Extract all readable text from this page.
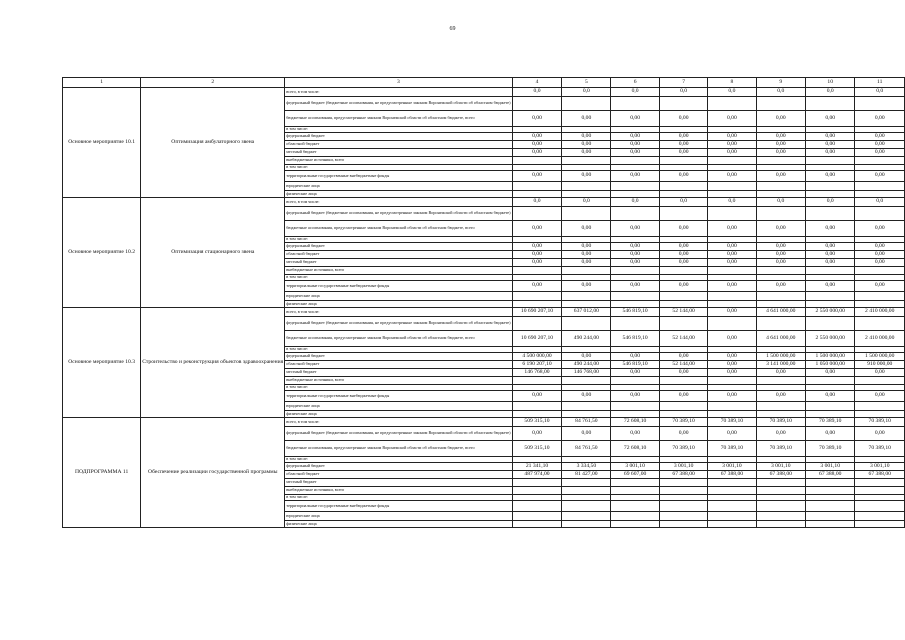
69
1	2	3	4	5	6	7	8	9	10	11
Основное мероприятие 10.1	Оптимизация амбулаторного звена	всего, в том числе:	0,0	0,0	0,0	0,0	0,0	0,0	0,0	0,0
		федеральный бюджет (бюджетные ассигнования, не предусмотренные законом Воронежской области об областном бюджете)								
		бюджетные ассигнования, предусмотренные законом Воронежской области об областном бюджете, всего	0,00	0,00	0,00	0,00	0,00	0,00	0,00	0,00
		в том числе:								
		федеральный бюджет	0,00	0,00	0,00	0,00	0,00	0,00	0,00	0,00
		областной бюджет	0,00	0,00	0,00	0,00	0,00	0,00	0,00	0,00
		местный бюджет	0,00	0,00	0,00	0,00	0,00	0,00	0,00	0,00
		внебюджетные источники, всего								
		в том числе:								
		территориальные государственные внебюджетные фонды	0,00	0,00	0,00	0,00	0,00	0,00	0,00	0,00
		юридические лица								
		физические лица								
Основное мероприятие 10.2	Оптимизация стационарного звена	всего, в том числе:	0,0	0,0	0,0	0,0	0,0	0,0	0,0	0,0
		федеральный бюджет (бюджетные ассигнования, не предусмотренные законом Воронежской области об областном бюджете)								
		бюджетные ассигнования, предусмотренные законом Воронежской области об областном бюджете, всего	0,00	0,00	0,00	0,00	0,00	0,00	0,00	0,00
		в том числе:								
		федеральный бюджет	0,00	0,00	0,00	0,00	0,00	0,00	0,00	0,00
		областной бюджет	0,00	0,00	0,00	0,00	0,00	0,00	0,00	0,00
		местный бюджет	0,00	0,00	0,00	0,00	0,00	0,00	0,00	0,00
		внебюджетные источники, всего								
		в том числе:								
		территориальные государственные внебюджетные фонды	0,00	0,00	0,00	0,00	0,00	0,00	0,00	0,00
		юридические лица								
		физические лица								
Основное мероприятие 10.3	Строительство и реконструкция объектов здравоохранения	всего, в том числе:	10 690 207,10	637 012,00	546 819,10	52 144,00	0,00	4 641 000,00	2 550 000,00	2 410 000,00
		федеральный бюджет (бюджетные ассигнования, не предусмотренные законом Воронежской области об областном бюджете)								
		бюджетные ассигнования, предусмотренные законом Воронежской области об областном бюджете, всего	10 690 207,10	490 244,00	546 819,10	52 144,00	0,00	4 641 000,00	2 550 000,00	2 410 000,00
		в том числе:								
		федеральный бюджет	4 500 000,00	0,00	0,00	0,00	0,00	1 500 000,00	1 500 000,00	1 500 000,00
		областной бюджет	6 190 207,10	490 244,00	546 819,10	52 144,00	0,00	3 141 000,00	1 050 000,00	910 000,00
		местный бюджет	146 768,00	146 768,00	0,00	0,00	0,00	0,00	0,00	0,00
		внебюджетные источники, всего								
		в том числе:								
		территориальные государственные внебюджетные фонды	0,00	0,00	0,00	0,00	0,00	0,00	0,00	0,00
		юридические лица								
		физические лица								
ПОДПРОГРАММА 11	Обеспечение реализации государственной программы	всего, в том числе:	509 315,10	84 761,50	72 608,10	70 389,10	70 389,10	70 389,10	70 389,10	70 389,10
		федеральный бюджет (бюджетные ассигнования, не предусмотренные законом Воронежской области об областном бюджете)	0,00	0,00	0,00	0,00	0,00	0,00	0,00	0,00
		бюджетные ассигнования, предусмотренные законом Воронежской области об областном бюджете, всего	509 315,10	84 761,50	72 608,10	70 389,10	70 389,10	70 389,10	70 389,10	70 389,10
		в том числе:								
		федеральный бюджет	21 341,10	3 334,50	3 001,10	3 001,10	3 001,10	3 001,10	3 001,10	3 001,10
		областной бюджет	487 974,00	81 427,00	69 607,00	67 388,00	67 388,00	67 388,00	67 388,00	67 388,00
		местный бюджет								
		внебюджетные источники, всего								
		в том числе:								
		территориальные государственные внебюджетные фонды								
		юридические лица								
		физические лица								
